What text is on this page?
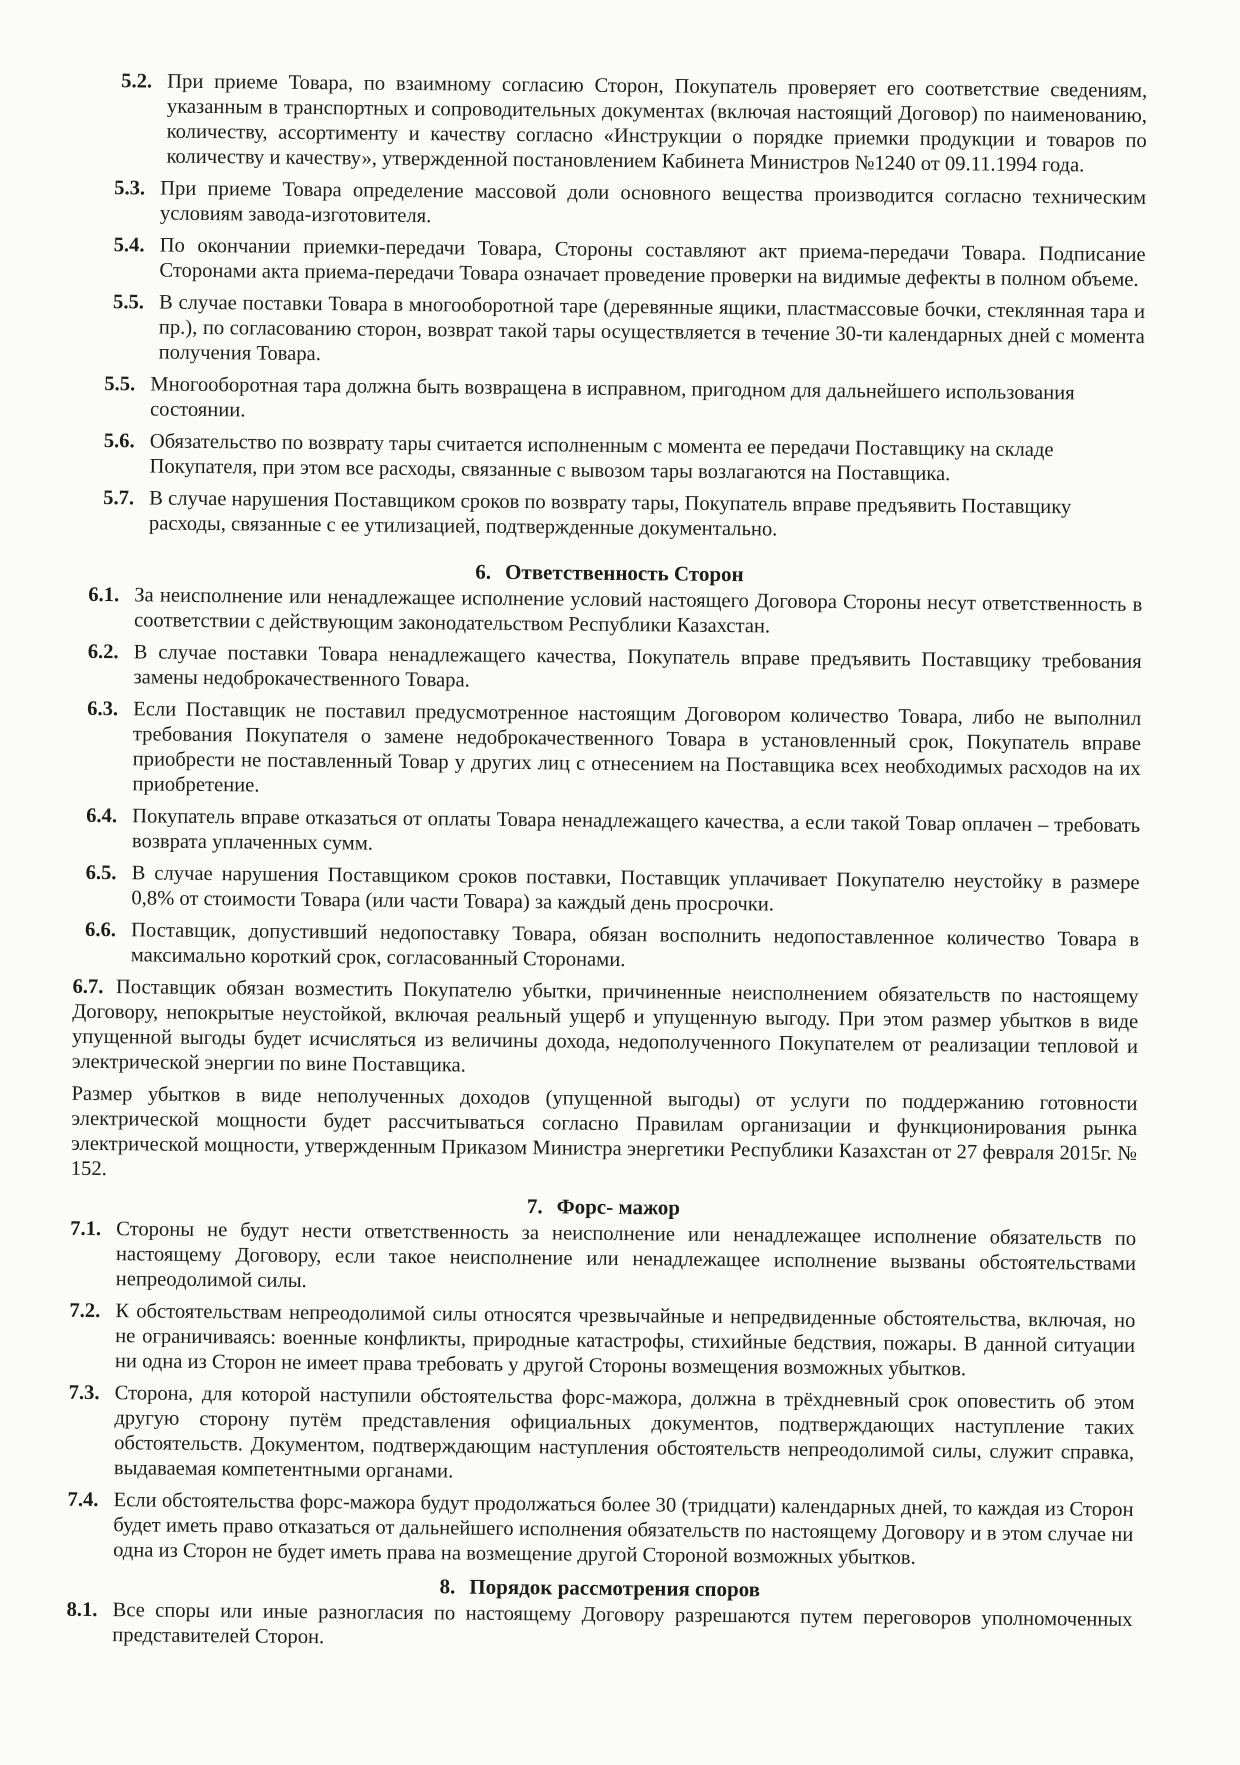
5.2. При приеме Товара, по взаимному согласию Сторон, Покупатель проверяет его соответствие сведениям, указанным в транспортных и сопроводительных документах (включая настоящий Договор) по наименованию, количеству, ассортименту и качеству согласно «Инструкции о порядке приемки продукции и товаров по количеству и качеству», утвержденной постановлением Кабинета Министров №1240 от 09.11.1994 года.
5.3. При приеме Товара определение массовой доли основного вещества производится согласно техническим условиям завода-изготовителя.
5.4. По окончании приемки-передачи Товара, Стороны составляют акт приема-передачи Товара. Подписание Сторонами акта приема-передачи Товара означает проведение проверки на видимые дефекты в полном объеме.
5.5. В случае поставки Товара в многооборотной таре (деревянные ящики, пластмассовые бочки, стеклянная тара и пр.), по согласованию сторон, возврат такой тары осуществляется в течение 30-ти календарных дней с момента получения Товара.
5.5. Многооборотная тара должна быть возвращена в исправном, пригодном для дальнейшего использования состоянии.
5.6. Обязательство по возврату тары считается исполненным с момента ее передачи Поставщику на складе Покупателя, при этом все расходы, связанные с вывозом тары возлагаются на Поставщика.
5.7. В случае нарушения Поставщиком сроков по возврату тары, Покупатель вправе предъявить Поставщику расходы, связанные с ее утилизацией, подтвержденные документально.
6. Ответственность Сторон
6.1. За неисполнение или ненадлежащее исполнение условий настоящего Договора Стороны несут ответственность в соответствии с действующим законодательством Республики Казахстан.
6.2. В случае поставки Товара ненадлежащего качества, Покупатель вправе предъявить Поставщику требования замены недоброкачественного Товара.
6.3. Если Поставщик не поставил предусмотренное настоящим Договором количество Товара, либо не выполнил требования Покупателя о замене недоброкачественного Товара в установленный срок, Покупатель вправе приобрести не поставленный Товар у других лиц с отнесением на Поставщика всех необходимых расходов на их приобретение.
6.4. Покупатель вправе отказаться от оплаты Товара ненадлежащего качества, а если такой Товар оплачен – требовать возврата уплаченных сумм.
6.5. В случае нарушения Поставщиком сроков поставки, Поставщик уплачивает Покупателю неустойку в размере 0,8% от стоимости Товара (или части Товара) за каждый день просрочки.
6.6. Поставщик, допустивший недопоставку Товара, обязан восполнить недопоставленное количество Товара в максимально короткий срок, согласованный Сторонами.
6.7. Поставщик обязан возместить Покупателю убытки, причиненные неисполнением обязательств по настоящему Договору, непокрытые неустойкой, включая реальный ущерб и упущенную выгоду. При этом размер убытков в виде упущенной выгоды будет исчисляться из величины дохода, недополученного Покупателем от реализации тепловой и электрической энергии по вине Поставщика.
Размер убытков в виде неполученных доходов (упущенной выгоды) от услуги по поддержанию готовности электрической мощности будет рассчитываться согласно Правилам организации и функционирования рынка электрической мощности, утвержденным Приказом Министра энергетики Республики Казахстан от 27 февраля 2015г. № 152.
7. Форс- мажор
7.1. Стороны не будут нести ответственность за неисполнение или ненадлежащее исполнение обязательств по настоящему Договору, если такое неисполнение или ненадлежащее исполнение вызваны обстоятельствами непреодолимой силы.
7.2. К обстоятельствам непреодолимой силы относятся чрезвычайные и непредвиденные обстоятельства, включая, но не ограничиваясь: военные конфликты, природные катастрофы, стихийные бедствия, пожары. В данной ситуации ни одна из Сторон не имеет права требовать у другой Стороны возмещения возможных убытков.
7.3. Сторона, для которой наступили обстоятельства форс-мажора, должна в трёхдневный срок оповестить об этом другую сторону путём представления официальных документов, подтверждающих наступление таких обстоятельств. Документом, подтверждающим наступления обстоятельств непреодолимой силы, служит справка, выдаваемая компетентными органами.
7.4. Если обстоятельства форс-мажора будут продолжаться более 30 (тридцати) календарных дней, то каждая из Сторон будет иметь право отказаться от дальнейшего исполнения обязательств по настоящему Договору и в этом случае ни одна из Сторон не будет иметь права на возмещение другой Стороной возможных убытков.
8. Порядок рассмотрения споров
8.1. Все споры или иные разногласия по настоящему Договору разрешаются путем переговоров уполномоченных представителей Сторон.
